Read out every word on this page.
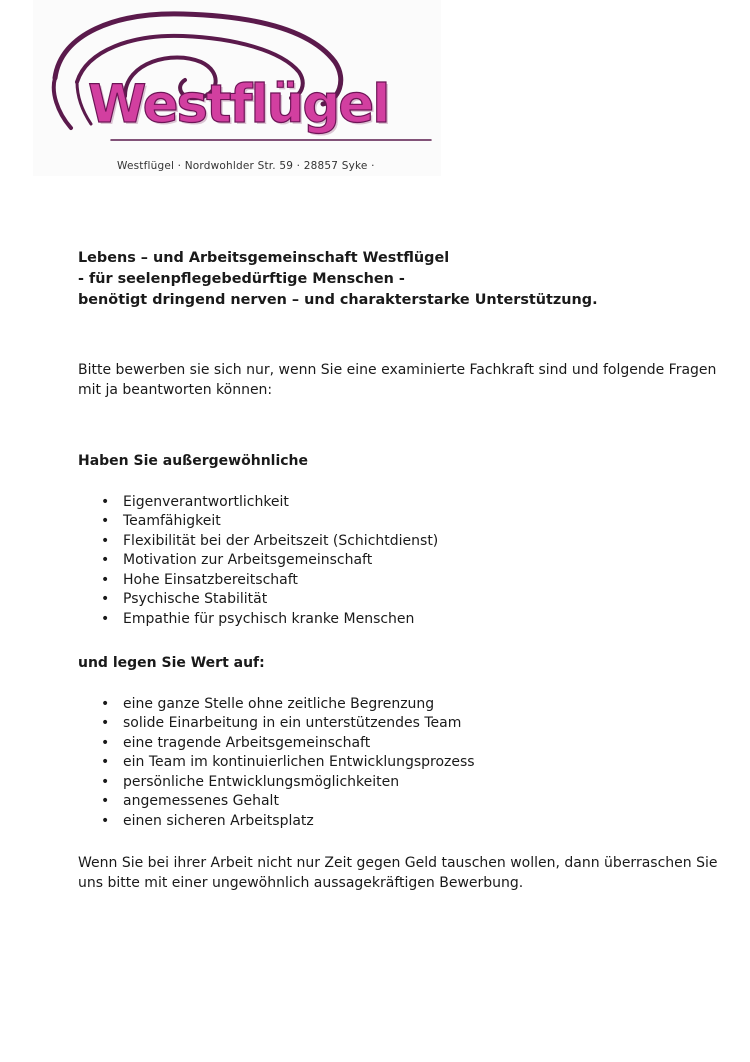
Westflügel
Westflügel · Nordwohlder Str. 59 · 28857 Syke ·
Lebens – und Arbeitsgemeinschaft Westflügel
- für seelenpflegebedürftige Menschen -
benötigt dringend nerven – und charakterstarke Unterstützung.

Bitte bewerben sie sich nur, wenn Sie eine examinierte Fachkraft sind und folgende Fragen mit ja beantworten können:

Haben Sie außergewöhnliche

• Eigenverantwortlichkeit
• Teamfähigkeit
• Flexibilität bei der Arbeitszeit (Schichtdienst)
• Motivation zur Arbeitsgemeinschaft
• Hohe Einsatzbereitschaft
• Psychische Stabilität
• Empathie für psychisch kranke Menschen

und legen Sie Wert auf:

• eine ganze Stelle ohne zeitliche Begrenzung
• solide Einarbeitung in ein unterstützendes Team
• eine tragende Arbeitsgemeinschaft
• ein Team im kontinuierlichen Entwicklungsprozess
• persönliche Entwicklungsmöglichkeiten
• angemessenes Gehalt
• einen sicheren Arbeitsplatz

Wenn Sie bei ihrer Arbeit nicht nur Zeit gegen Geld tauschen wollen, dann überraschen Sie uns bitte mit einer ungewöhnlich aussagekräftigen Bewerbung.
